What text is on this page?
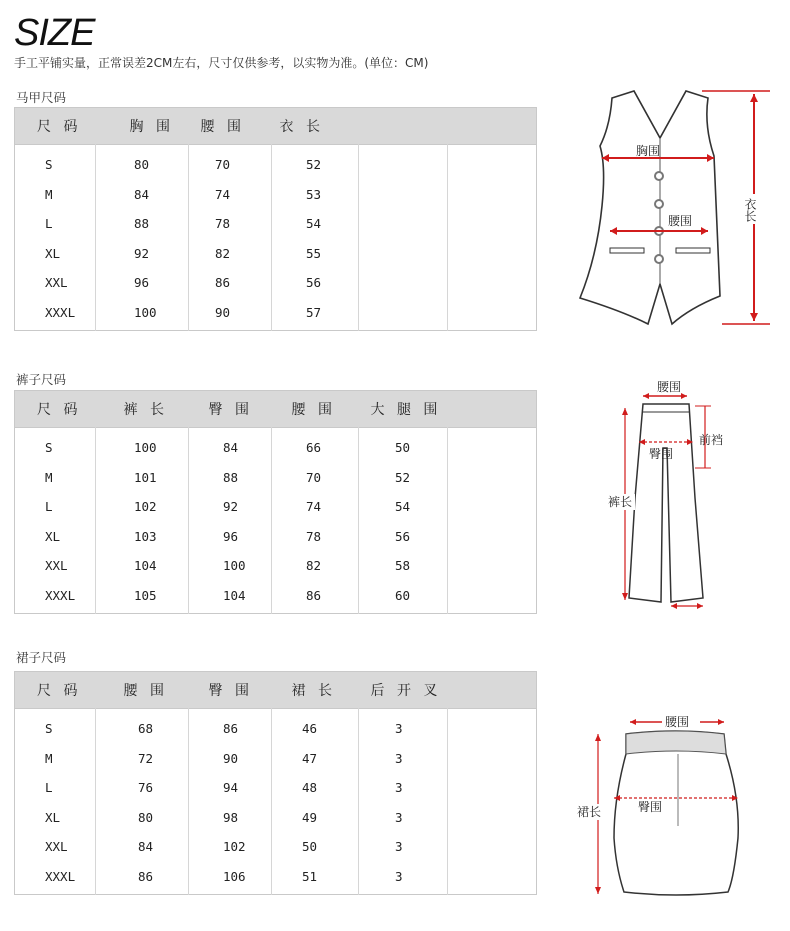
SIZE
手工平铺实量，正常误差2CM左右，尺寸仅供参考，以实物为准。(单位：CM)
马甲尺码
尺 码	胸 围	腰 围	衣 长		
S	80	70	52		
M	84	74	53		
L	88	78	54		
XL	92	82	55		
XXL	96	86	56		
XXXL	100	90	57		
胸围
腰围	衣长
裤子尺码
尺 码	裤 长	臀 围	腰 围	大 腿 围	
S	100	84	66	50	
M	101	88	70	52	
L	102	92	74	54	
XL	103	96	78	56	
XXL	104	100	82	58	
XXXL	105	104	86	60	
腰围
臀围
前裆
裤长
裙子尺码
尺 码	腰 围	臀 围	裙 长	后 开 叉	
S	68	86	46	3	
M	72	90	47	3	
L	76	94	48	3	
XL	80	98	49	3	
XXL	84	102	50	3	
XXXL	86	106	51	3	
腰围
臀围
裙长
